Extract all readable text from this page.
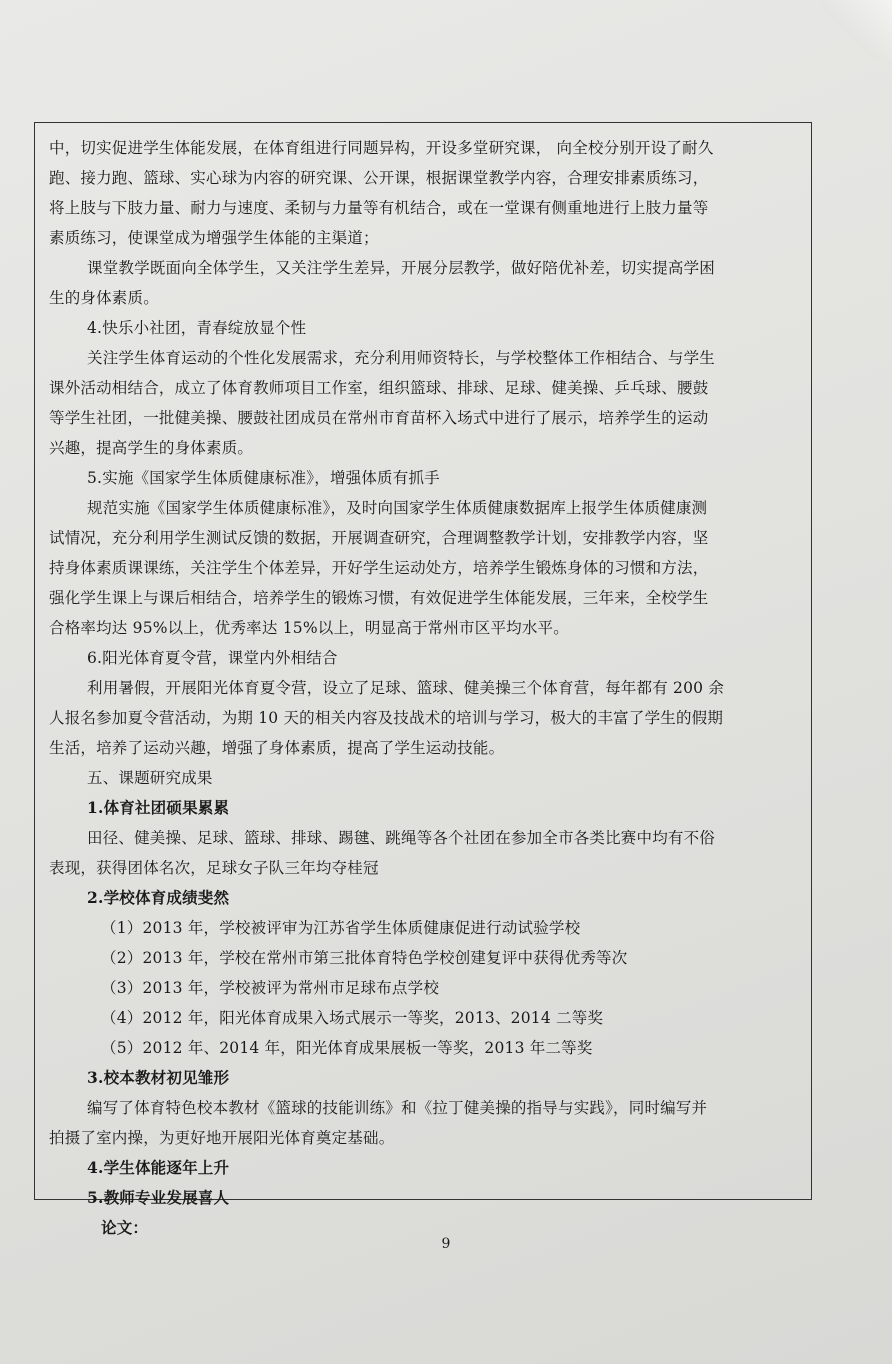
中，切实促进学生体能发展，在体育组进行同题异构，开设多堂研究课， 向全校分别开设了耐久
跑、接力跑、篮球、实心球为内容的研究课、公开课，根据课堂教学内容，合理安排素质练习，
将上肢与下肢力量、耐力与速度、柔韧与力量等有机结合，或在一堂课有侧重地进行上肢力量等
素质练习，使课堂成为增强学生体能的主渠道；
课堂教学既面向全体学生，又关注学生差异，开展分层教学，做好陪优补差，切实提高学困
生的身体素质。
4.快乐小社团，青春绽放显个性
关注学生体育运动的个性化发展需求，充分利用师资特长，与学校整体工作相结合、与学生
课外活动相结合，成立了体育教师项目工作室，组织篮球、排球、足球、健美操、乒乓球、腰鼓
等学生社团，一批健美操、腰鼓社团成员在常州市育苗杯入场式中进行了展示，培养学生的运动
兴趣，提高学生的身体素质。
5.实施《国家学生体质健康标准》，增强体质有抓手
规范实施《国家学生体质健康标准》，及时向国家学生体质健康数据库上报学生体质健康测
试情况，充分利用学生测试反馈的数据，开展调查研究，合理调整教学计划，安排教学内容，坚
持身体素质课课练，关注学生个体差异，开好学生运动处方，培养学生锻炼身体的习惯和方法，
强化学生课上与课后相结合，培养学生的锻炼习惯，有效促进学生体能发展，三年来，全校学生
合格率均达 95%以上，优秀率达 15%以上，明显高于常州市区平均水平。
6.阳光体育夏令营，课堂内外相结合
利用暑假，开展阳光体育夏令营，设立了足球、篮球、健美操三个体育营，每年都有 200 余
人报名参加夏令营活动，为期 10 天的相关内容及技战术的培训与学习，极大的丰富了学生的假期
生活，培养了运动兴趣，增强了身体素质，提高了学生运动技能。
五、课题研究成果
1.体育社团硕果累累
田径、健美操、足球、篮球、排球、踢毽、跳绳等各个社团在参加全市各类比赛中均有不俗
表现，获得团体名次，足球女子队三年均夺桂冠
2.学校体育成绩斐然
（1）2013 年，学校被评审为江苏省学生体质健康促进行动试验学校
（2）2013 年，学校在常州市第三批体育特色学校创建复评中获得优秀等次
（3）2013 年，学校被评为常州市足球布点学校
（4）2012 年，阳光体育成果入场式展示一等奖，2013、2014 二等奖
（5）2012 年、2014 年，阳光体育成果展板一等奖，2013 年二等奖
3.校本教材初见雏形
编写了体育特色校本教材《篮球的技能训练》和《拉丁健美操的指导与实践》，同时编写并
拍摄了室内操，为更好地开展阳光体育奠定基础。
4.学生体能逐年上升
5.教师专业发展喜人
论文：
9
